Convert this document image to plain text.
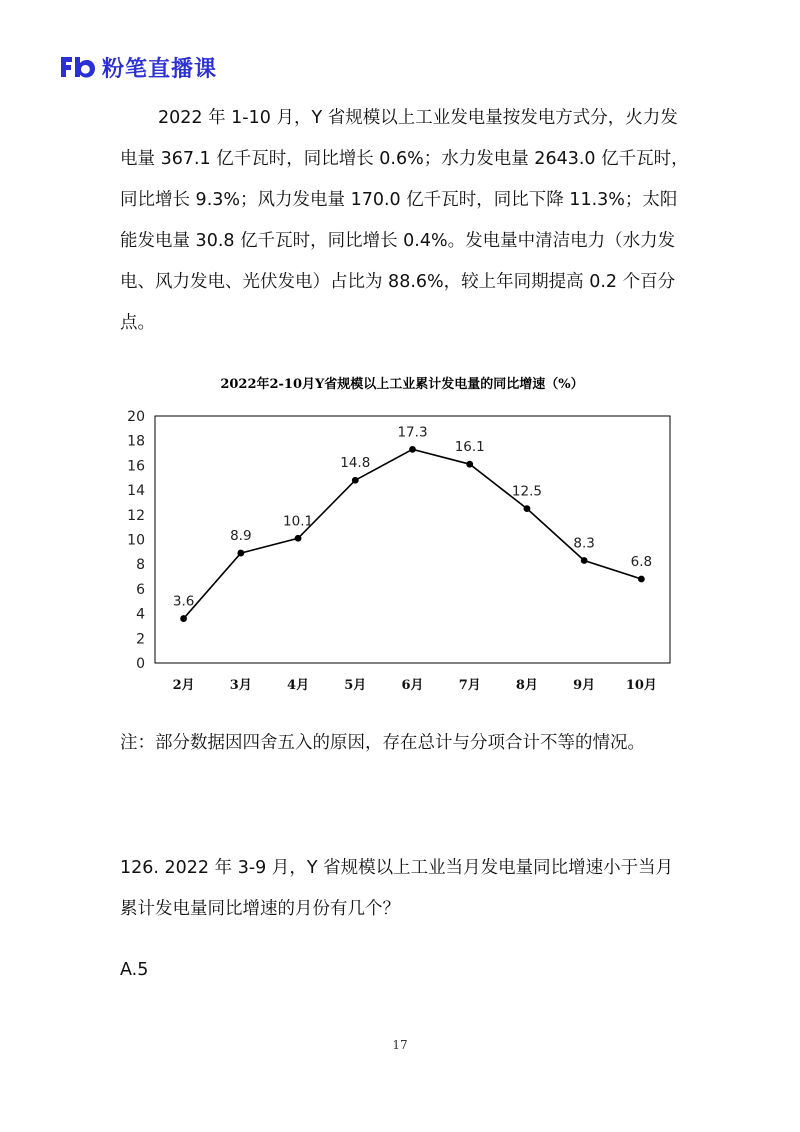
粉笔直播课
2022 年 1-10 月，Y 省规模以上工业发电量按发电方式分，火力发
电量 367.1 亿千瓦时，同比增长 0.6%；水力发电量 2643.0 亿千瓦时，
同比增长 9.3%；风力发电量 170.0 亿千瓦时，同比下降 11.3%；太阳
能发电量 30.8 亿千瓦时，同比增长 0.4%。发电量中清洁电力（水力发
电、风力发电、光伏发电）占比为 88.6%，较上年同期提高 0.2 个百分
点。
2022年2-10月Y省规模以上工业累计发电量的同比增速（%）
0
2
4
6
8
10
12
14
16
18
20
2月	3月	4月	5月	6月	7月	8月	9月 10月
3.6
8.9
10.1
14.8
17.3
16.1
12.5
8.3
6.8
注：部分数据因四舍五入的原因，存在总计与分项合计不等的情况。
126. 2022 年 3-9 月，Y 省规模以上工业当月发电量同比增速小于当月
累计发电量同比增速的月份有几个？
A.5
17
